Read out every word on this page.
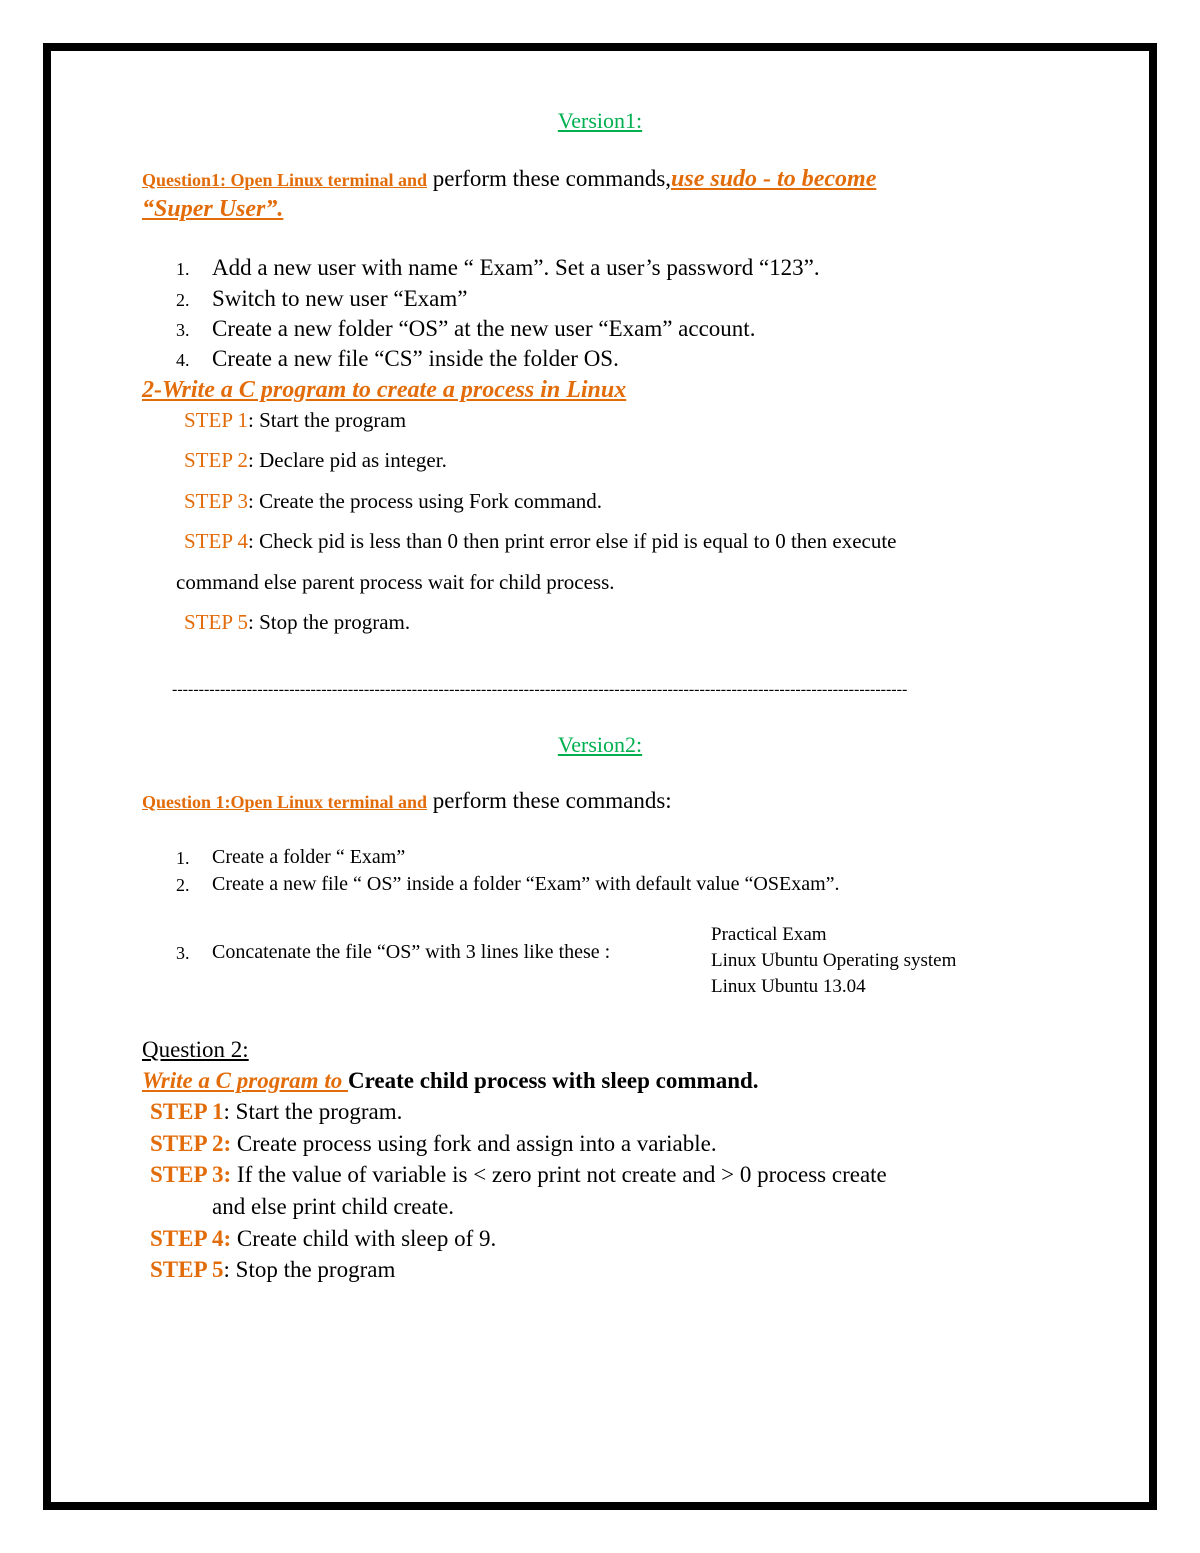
Version1:
Question1: Open Linux terminal and perform these commands,use sudo - to become
“Super User”.
1. Add a new user with name “ Exam”. Set a user’s password “123”.
2. Switch to new user “Exam”
3. Create a new folder “OS” at the new user “Exam” account.
4. Create a new file “CS” inside the folder OS.
2-Write a C program to create a process in Linux
STEP 1: Start the program
STEP 2: Declare pid as integer.
STEP 3: Create the process using Fork command.
STEP 4: Check pid is less than 0 then print error else if pid is equal to 0 then execute
command else parent process wait for child process.
STEP 5: Stop the program.
------------------------------------------------------------------------------------------------------------------------------------------
Version2:
Question 1:Open Linux terminal and perform these commands:
1.	Create a folder “ Exam”
2.	Create a new file “ OS” inside a folder “Exam” with default value “OSExam”.
3.	Concatenate the file “OS” with 3 lines like these :
Practical Exam
Linux Ubuntu Operating system
Linux Ubuntu 13.04
Question 2:
Write a C program to Create child process with sleep command.
STEP 1: Start the program.
STEP 2: Create process using fork and assign into a variable.
STEP 3: If the value of variable is < zero print not create and > 0 process create
and else print child create.
STEP 4: Create child with sleep of 9.
STEP 5: Stop the program
